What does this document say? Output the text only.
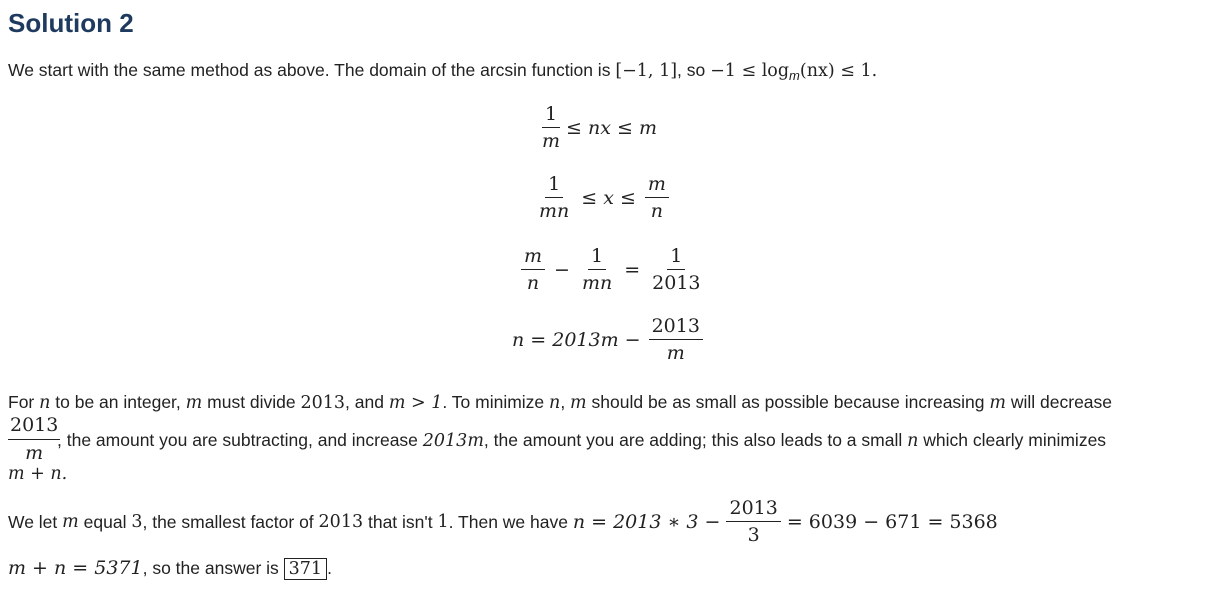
Solution 2
We start with the same method as above. The domain of the arcsin function is [−1, 1], so $-1 \le \log_m(nx) \le 1$.
$\frac{1}{m}$ ≤ nx ≤ m
$\frac{1}{mn} \le x \le \frac{m}{n}$
$\frac{m}{n} - \frac{1}{mn} = \frac{1}{2013}$
$n = 2013m - \frac{2013}{m}$
For n to be an integer, m must divide 2013, and m > 1. To minimize n, m should be as small as possible because increasing m will decrease
$\frac{2013}{m}$
, the amount you are subtracting, and increase 2013m, the amount you are adding; this also leads to a small n which clearly minimizes
m + n.
We let
m
equal
3 , the smallest factor of
2013
that isn't
1 . Then we have
n = 2013 ∗ $3 - \frac{2013}{3} = 6039 - 671 = 5368$
m + n = 5371, so the answer is 371 .
